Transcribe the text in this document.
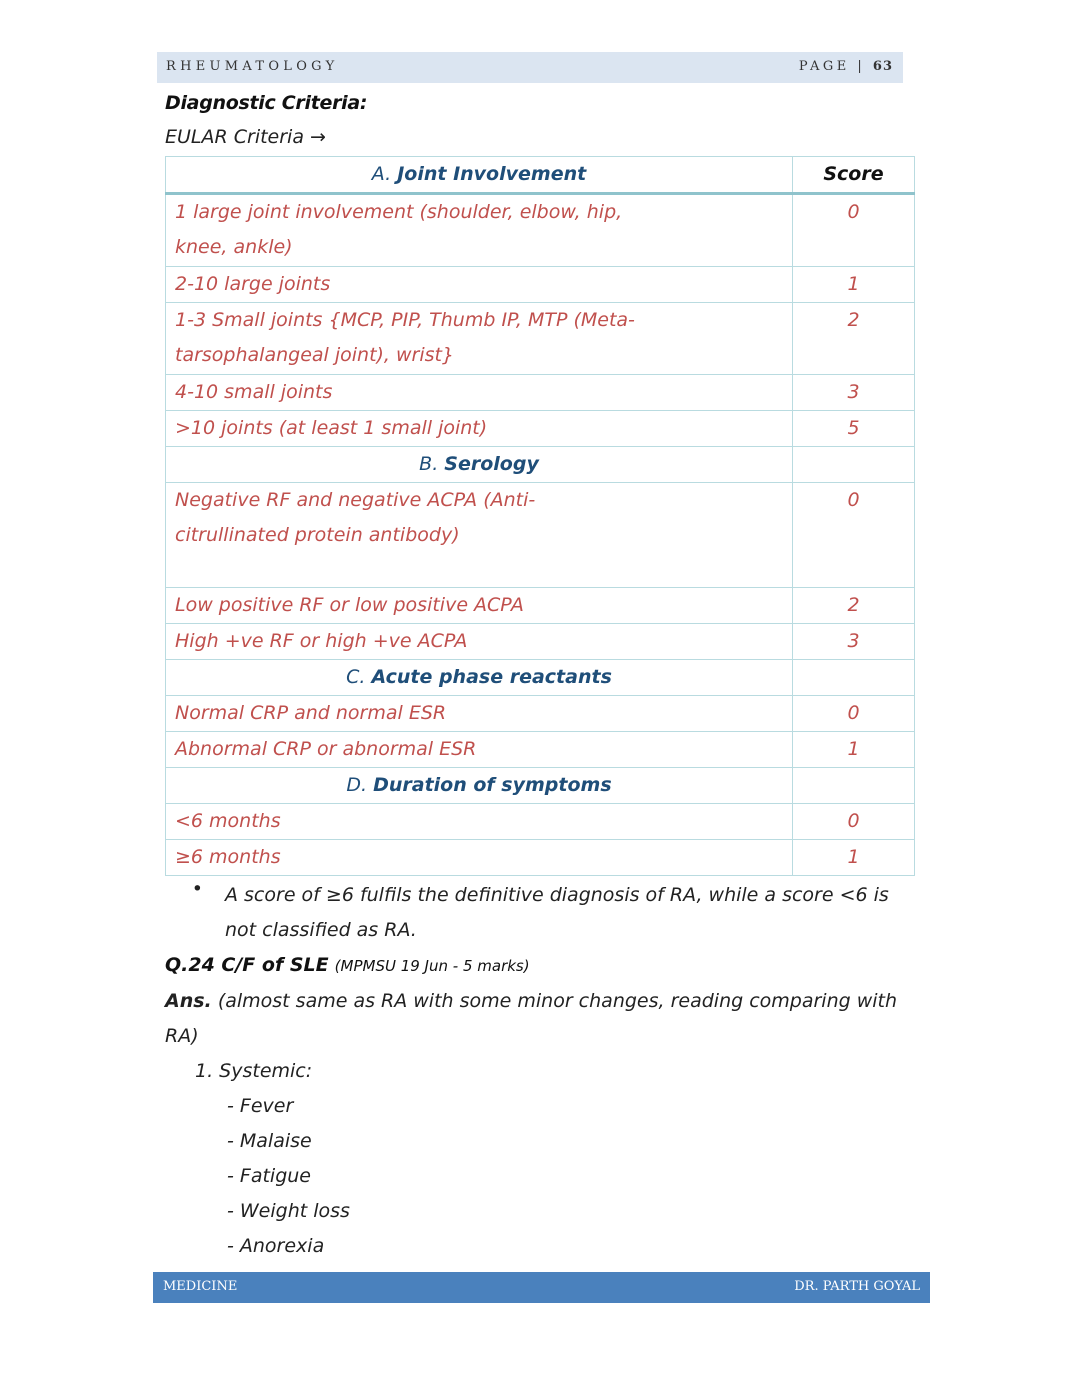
RHEUMATOLOGY	PAGE | 63
Diagnostic Criteria:
EULAR Criteria →
A. Joint Involvement	Score

1 large joint involvement (shoulder, elbow, hip, knee, ankle)	0
2-10 large joints	1

1-3 Small joints {MCP, PIP, Thumb IP, MTP (Meta-tarsophalangeal joint), wrist}	2
4-10 small joints	3
>10 joints (at least 1 small joint)	5
B. Serology	

Negative RF and negative ACPA (Anti-citrullinated protein antibody)	0
Low positive RF or low positive ACPA	2
High +ve RF or high +ve ACPA	3
C. Acute phase reactants	
Normal CRP and normal ESR	0
Abnormal CRP or abnormal ESR	1
D. Duration of symptoms	
<6 months	0
≥6 months	1
•	A score of ≥6 fulfils the definitive diagnosis of RA, while a score <6 is not classified as RA.
Q.24 C/F of SLE (MPMSU 19 Jun - 5 marks)
Ans. (almost same as RA with some minor changes, reading comparing with RA)
1. Systemic:
- Fever
- Malaise
- Fatigue
- Weight loss
- Anorexia
MEDICINE	DR. PARTH GOYAL
